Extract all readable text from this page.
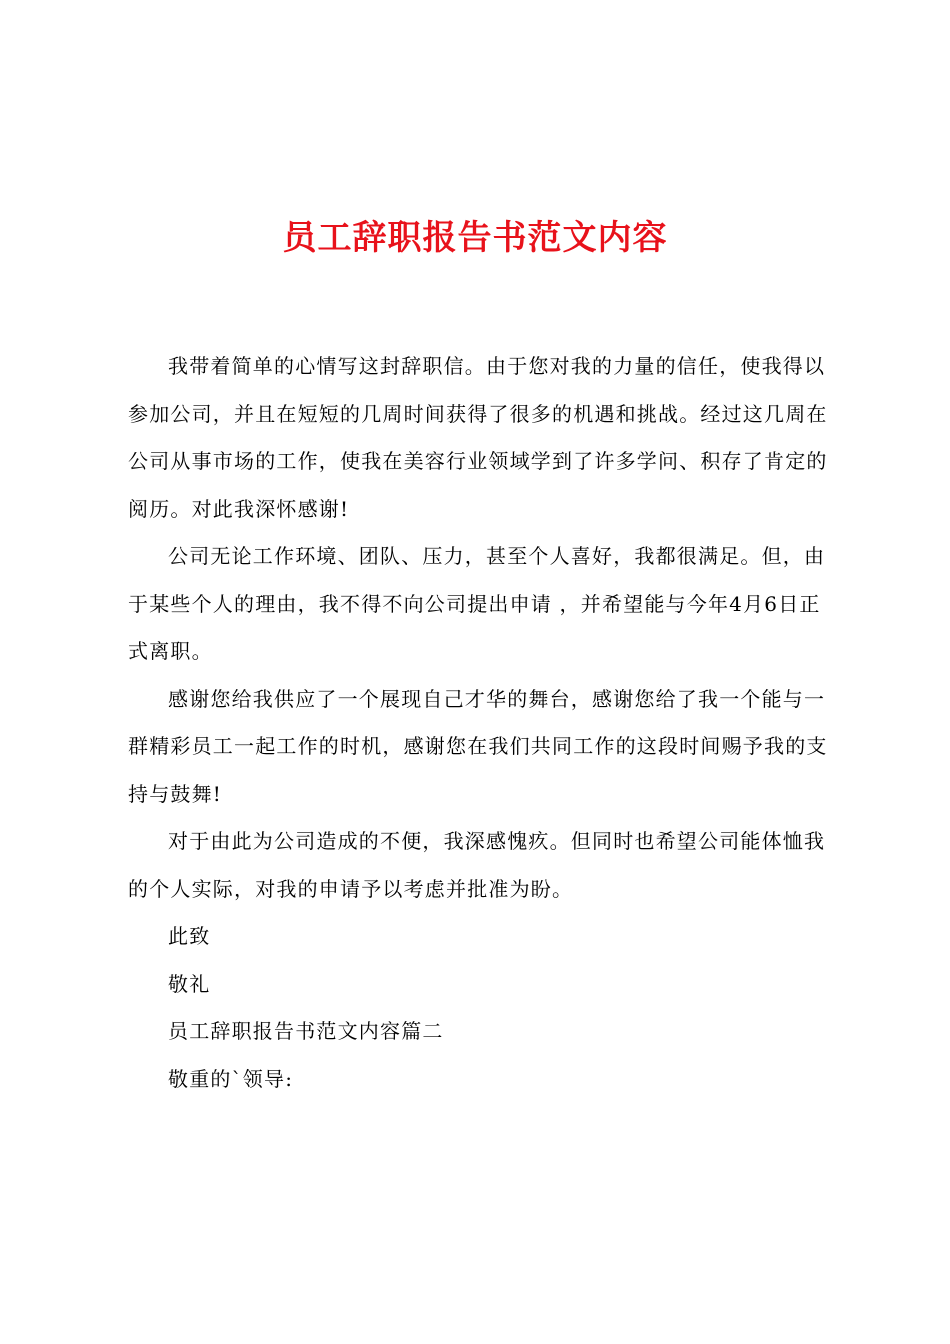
员工辞职报告书范文内容

我带着简单的心情写这封辞职信。由于您对我的力量的信任，使我得以参加公司，并且在短短的几周时间获得了很多的机遇和挑战。经过这几周在公司从事市场的工作，使我在美容行业领域学到了许多学问、积存了肯定的阅历。对此我深怀感谢!

公司无论工作环境、团队、压力，甚至个人喜好，我都很满足。但，由于某些个人的理由，我不得不向公司提出申请 ，并希望能与今年4月6日正式离职。

感谢您给我供应了一个展现自己才华的舞台，感谢您给了我一个能与一群精彩员工一起工作的时机，感谢您在我们共同工作的这段时间赐予我的支持与鼓舞!

对于由此为公司造成的不便，我深感愧疚。但同时也希望公司能体恤我的个人实际，对我的申请予以考虑并批准为盼。

此致

敬礼

员工辞职报告书范文内容篇二

敬重的`领导:
